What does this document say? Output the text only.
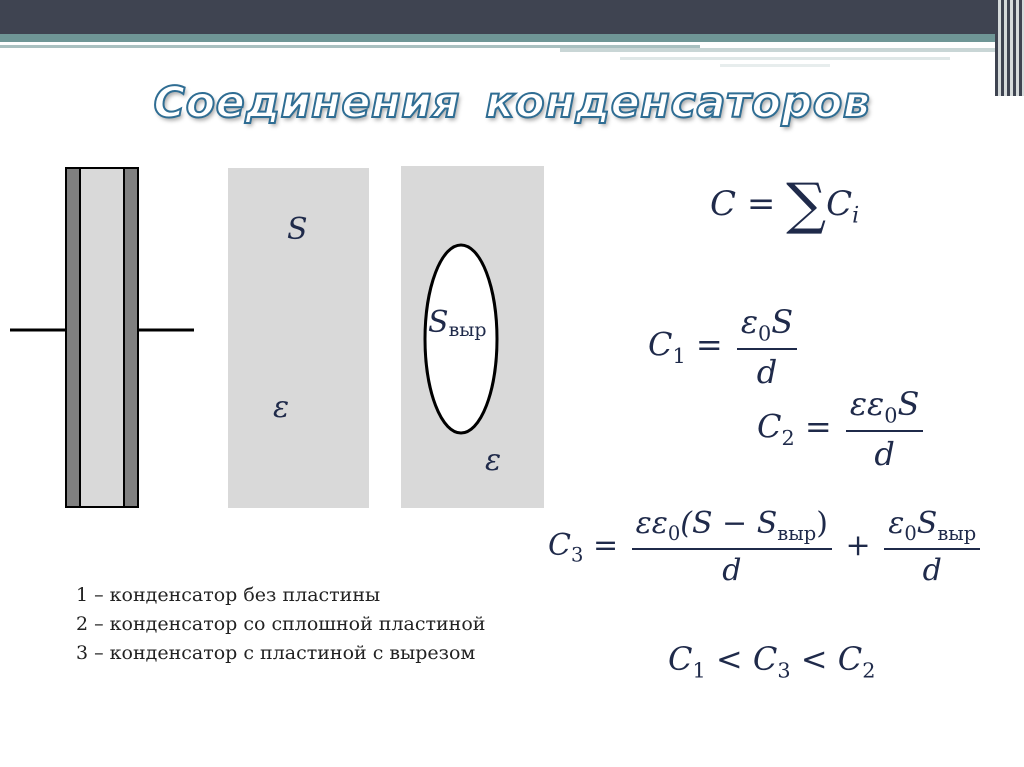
Соединения конденсаторов
S
$S_{выр}$
ε
ε
$C = \sum C_i$
$C_1 = \frac{\varepsilon_0S}{d}$
$C_2 = \frac{\varepsilon\varepsilon_0S}{d}$
$C_3 = \frac{\varepsilon\varepsilon_0(S - S_{выр})}{d} + \frac{\varepsilon_0S_{выр}}{d}$
$C_1 < C_3 < C_2$
1 – конденсатор без пластины
2 – конденсатор со сплошной пластиной
3 – конденсатор с пластиной с вырезом
